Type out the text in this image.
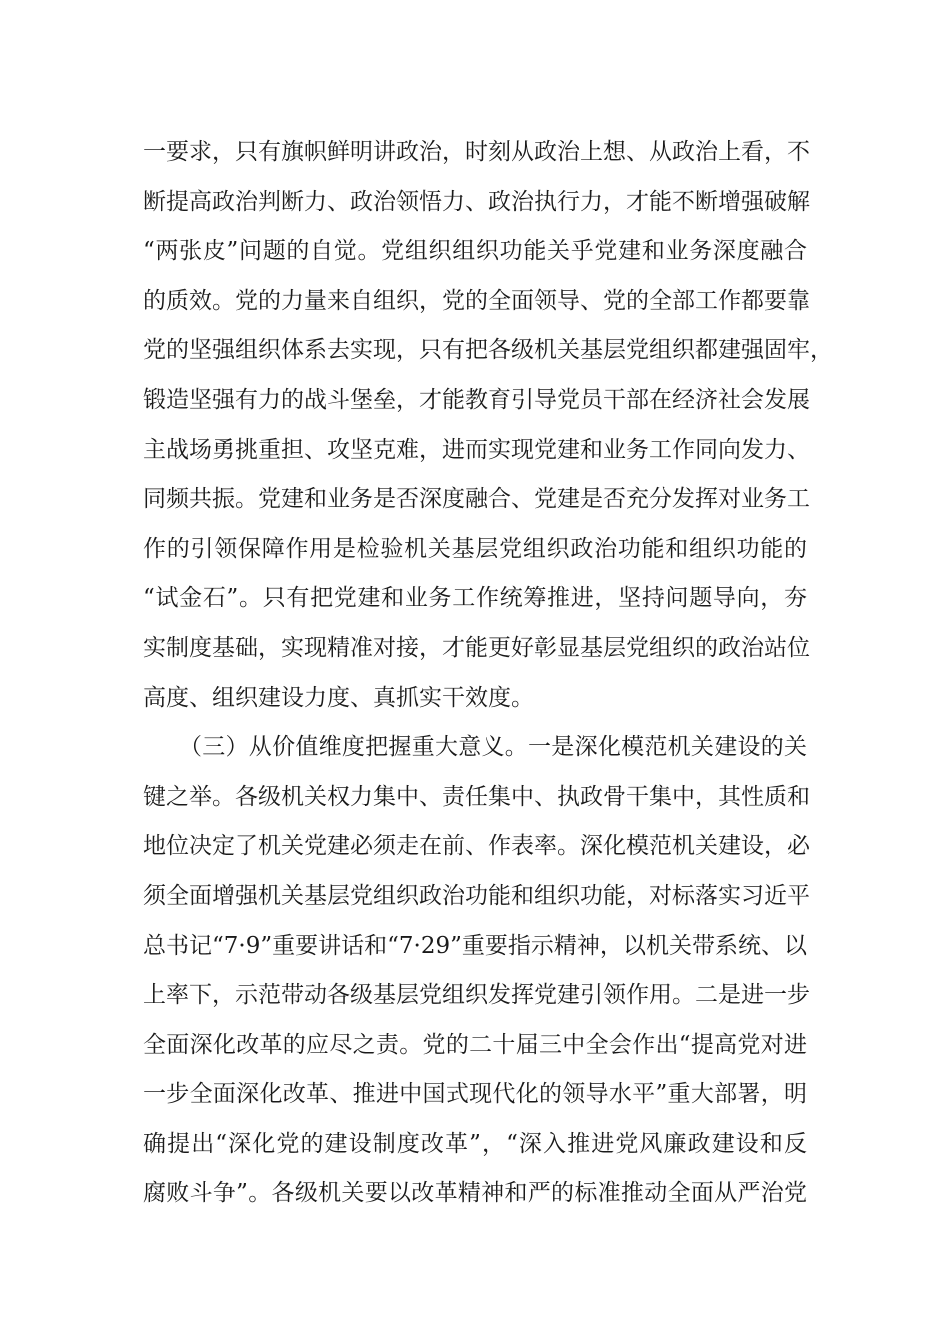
一要求，只有旗帜鲜明讲政治，时刻从政治上想、从政治上看，不
断提高政治判断力、政治领悟力、政治执行力，才能不断增强破解
“两张皮”问题的自觉。党组织组织功能关乎党建和业务深度融合
的质效。党的力量来自组织，党的全面领导、党的全部工作都要靠
党的坚强组织体系去实现，只有把各级机关基层党组织都建强固牢，
锻造坚强有力的战斗堡垒，才能教育引导党员干部在经济社会发展
主战场勇挑重担、攻坚克难，进而实现党建和业务工作同向发力、
同频共振。党建和业务是否深度融合、党建是否充分发挥对业务工
作的引领保障作用是检验机关基层党组织政治功能和组织功能的
“试金石”。只有把党建和业务工作统筹推进，坚持问题导向，夯
实制度基础，实现精准对接，才能更好彰显基层党组织的政治站位
高度、组织建设力度、真抓实干效度。
（三）从价值维度把握重大意义。一是深化模范机关建设的关
键之举。各级机关权力集中、责任集中、执政骨干集中，其性质和
地位决定了机关党建必须走在前、作表率。深化模范机关建设，必
须全面增强机关基层党组织政治功能和组织功能，对标落实习近平
总书记“7·9”重要讲话和“7·29”重要指示精神，以机关带系统、以
上率下，示范带动各级基层党组织发挥党建引领作用。二是进一步
全面深化改革的应尽之责。党的二十届三中全会作出“提高党对进
一步全面深化改革、推进中国式现代化的领导水平”重大部署，明
确提出“深化党的建设制度改革”，“深入推进党风廉政建设和反
腐败斗争”。各级机关要以改革精神和严的标准推动全面从严治党
